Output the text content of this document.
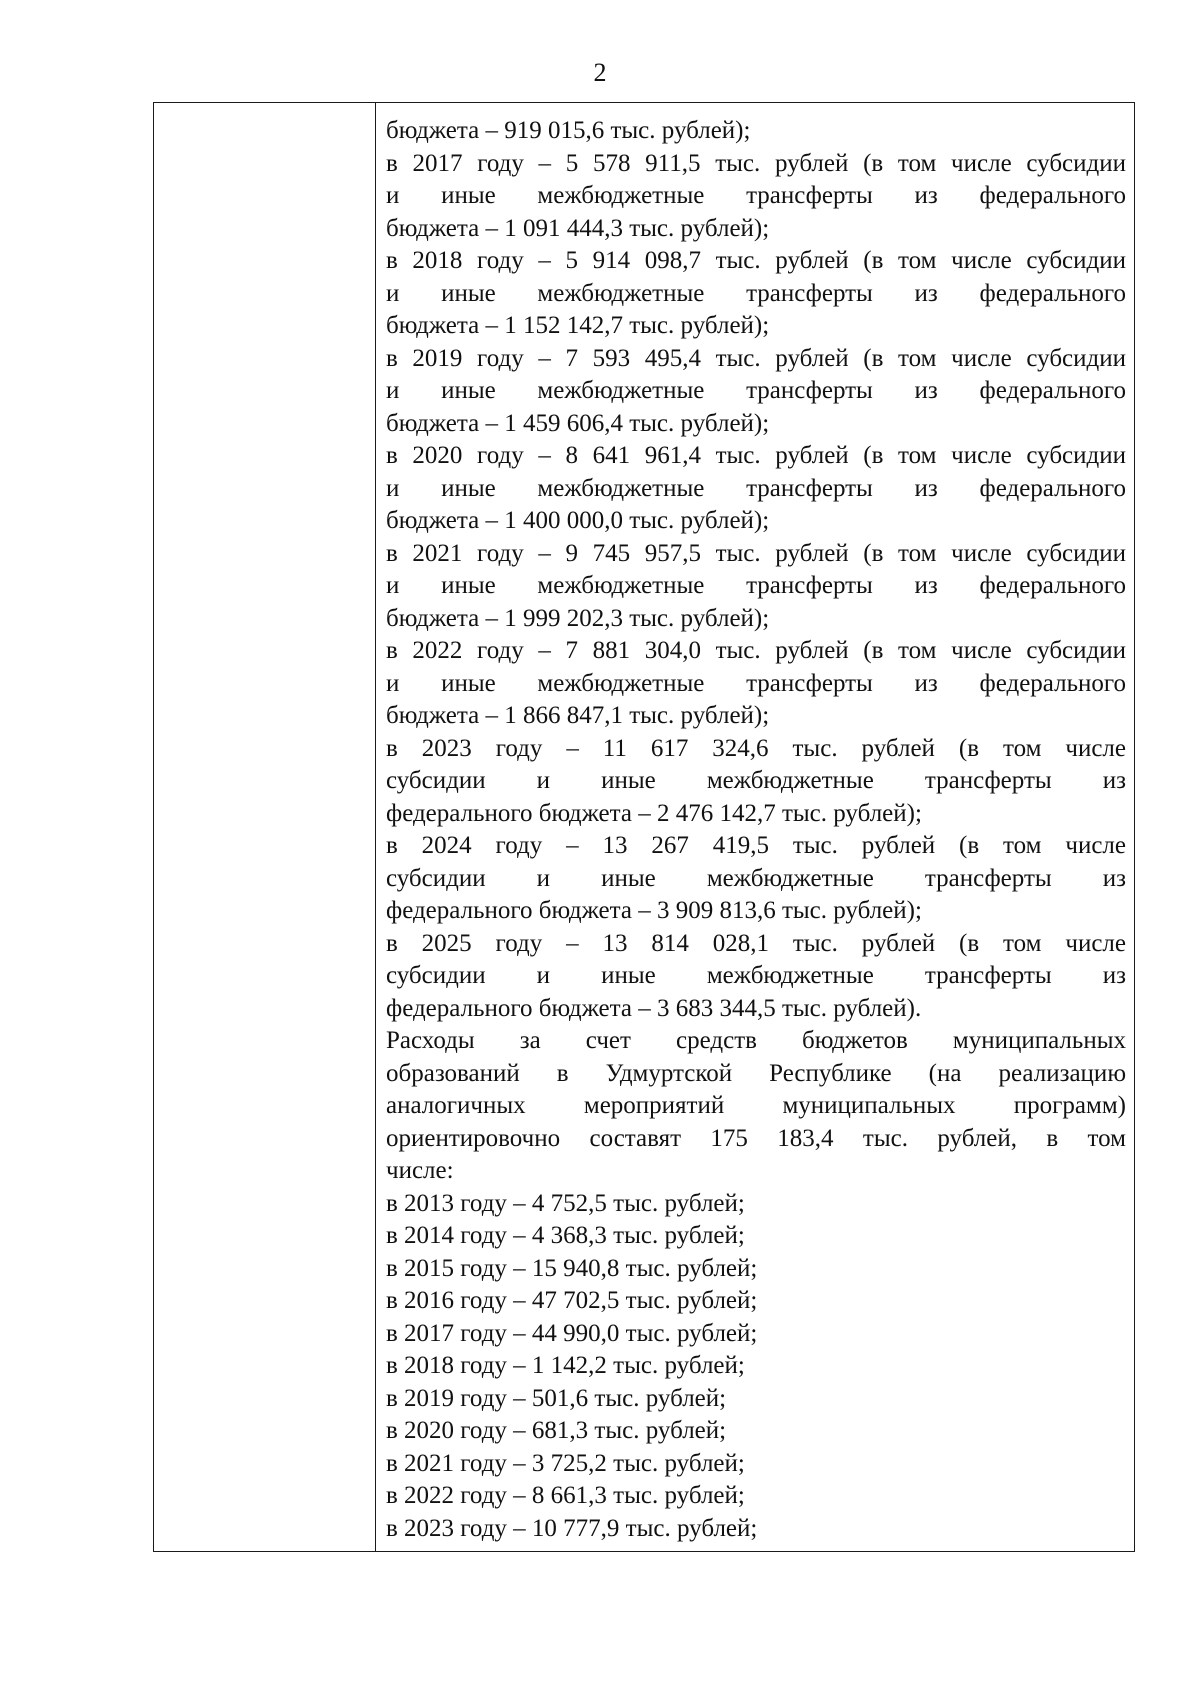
2
бюджета – 919 015,6 тыс. рублей);
в 2017 году – 5 578 911,5 тыс. рублей (в том числе субсидии
и иные межбюджетные трансферты из федерального
бюджета – 1 091 444,3 тыс. рублей);
в 2018 году – 5 914 098,7 тыс. рублей (в том числе субсидии
и иные межбюджетные трансферты из федерального
бюджета – 1 152 142,7 тыс. рублей);
в 2019 году – 7 593 495,4 тыс. рублей (в том числе субсидии
и иные межбюджетные трансферты из федерального
бюджета – 1 459 606,4 тыс. рублей);
в 2020 году – 8 641 961,4 тыс. рублей (в том числе субсидии
и иные межбюджетные трансферты из федерального
бюджета – 1 400 000,0 тыс. рублей);
в 2021 году – 9 745 957,5 тыс. рублей (в том числе субсидии
и иные межбюджетные трансферты из федерального
бюджета – 1 999 202,3 тыс. рублей);
в 2022 году – 7 881 304,0 тыс. рублей (в том числе субсидии
и иные межбюджетные трансферты из федерального
бюджета – 1 866 847,1 тыс. рублей);
в 2023 году – 11 617 324,6 тыс. рублей (в том числе
субсидии и иные межбюджетные трансферты из
федерального бюджета – 2 476 142,7 тыс. рублей);
в 2024 году – 13 267 419,5 тыс. рублей (в том числе
субсидии и иные межбюджетные трансферты из
федерального бюджета – 3 909 813,6 тыс. рублей);
в 2025 году – 13 814 028,1 тыс. рублей (в том числе
субсидии и иные межбюджетные трансферты из
федерального бюджета – 3 683 344,5 тыс. рублей).
Расходы за счет средств бюджетов муниципальных
образований в Удмуртской Республике (на реализацию
аналогичных мероприятий муниципальных программ)
ориентировочно составят 175 183,4 тыс. рублей, в том
числе:
в 2013 году – 4 752,5 тыс. рублей;
в 2014 году – 4 368,3 тыс. рублей;
в 2015 году – 15 940,8 тыс. рублей;
в 2016 году – 47 702,5 тыс. рублей;
в 2017 году – 44 990,0 тыс. рублей;
в 2018 году – 1 142,2 тыс. рублей;
в 2019 году – 501,6 тыс. рублей;
в 2020 году – 681,3 тыс. рублей;
в 2021 году – 3 725,2 тыс. рублей;
в 2022 году – 8 661,3 тыс. рублей;
в 2023 году – 10 777,9 тыс. рублей;
